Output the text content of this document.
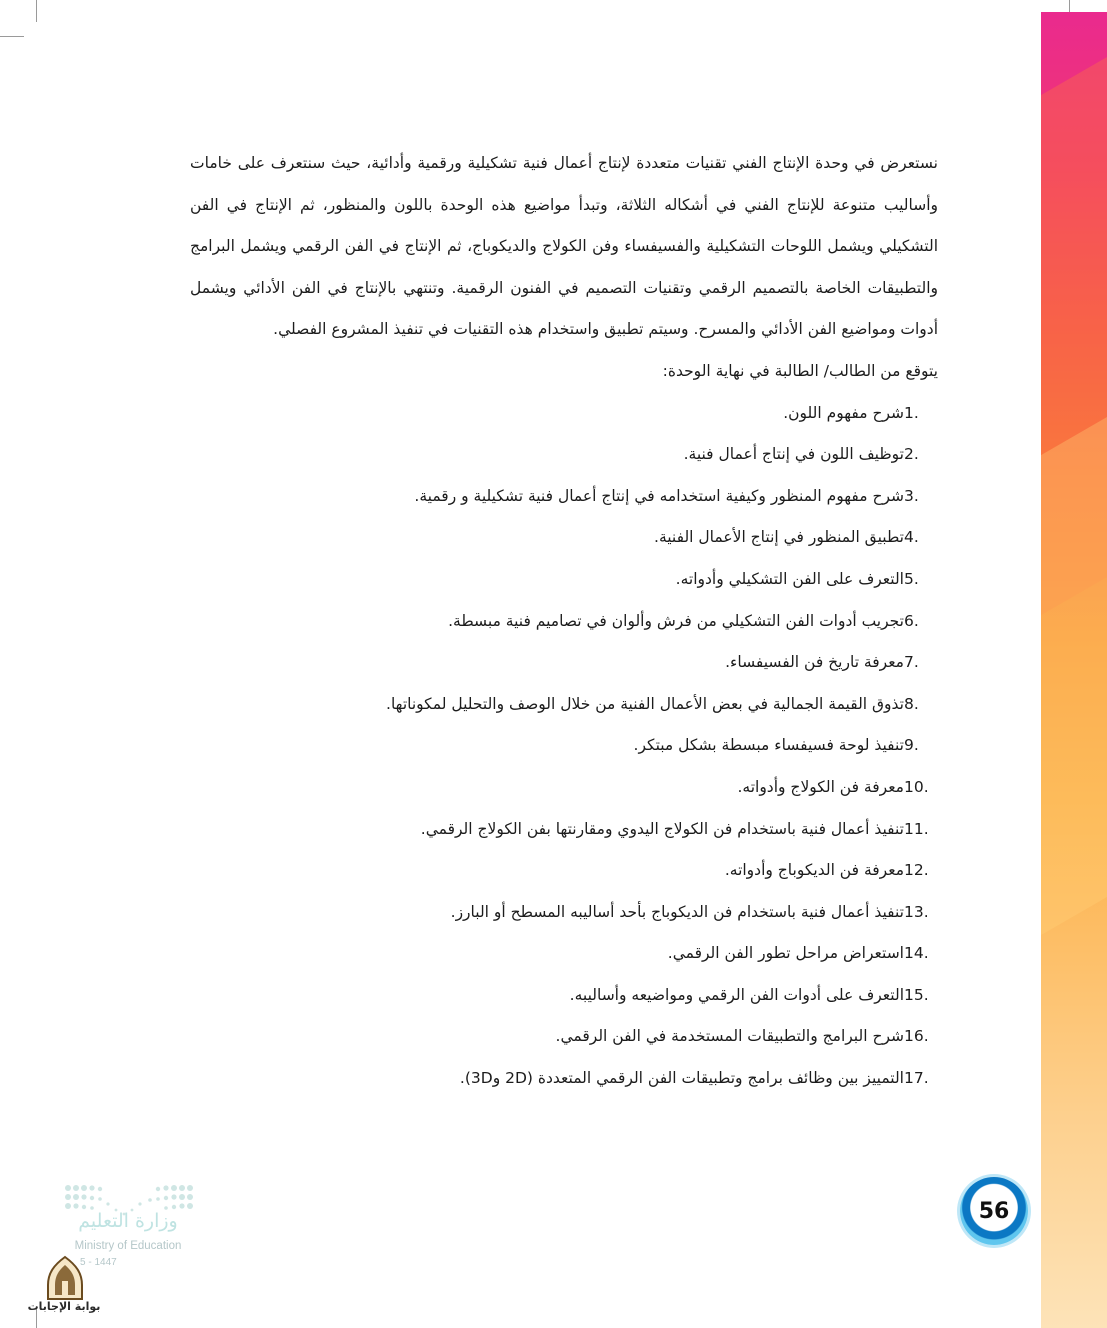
نستعرض في وحدة الإنتاج الفني تقنيات متعددة لإنتاج أعمال فنية تشكيلية ورقمية وأدائية، حيث سنتعرف على خامات وأساليب متنوعة للإنتاج الفني في أشكاله الثلاثة، وتبدأ مواضيع هذه الوحدة باللون والمنظور، ثم الإنتاج في الفن التشكيلي ويشمل اللوحات التشكيلية والفسيفساء وفن الكولاج والديكوباج، ثم الإنتاج في الفن الرقمي ويشمل البرامج والتطبيقات الخاصة بالتصميم الرقمي وتقنيات التصميم في الفنون الرقمية. وتنتهي بالإنتاج في الفن الأدائي ويشمل أدوات ومواضيع الفن الأدائي والمسرح. وسيتم تطبيق واستخدام هذه التقنيات في تنفيذ المشروع الفصلي.

يتوقع من الطالب/ الطالبة في نهاية الوحدة:

1.
شرح مفهوم اللون.
2.
توظيف اللون في إنتاج أعمال فنية.
3.
شرح مفهوم المنظور وكيفية استخدامه في إنتاج أعمال فنية تشكيلية و رقمية.
4.
تطبيق المنظور في إنتاج الأعمال الفنية.
5.
التعرف على الفن التشكيلي وأدواته.
6.
تجريب أدوات الفن التشكيلي من فرش وألوان في تصاميم فنية مبسطة.
7.
معرفة تاريخ فن الفسيفساء.
8.
تذوق القيمة الجمالية في بعض الأعمال الفنية من خلال الوصف والتحليل لمكوناتها.
9.
تنفيذ لوحة فسيفساء مبسطة بشكل مبتكر.
10.
معرفة فن الكولاج وأدواته.
11.
تنفيذ أعمال فنية باستخدام فن الكولاج اليدوي ومقارنتها بفن الكولاج الرقمي.
12.
معرفة فن الديكوباج وأدواته.
13.
تنفيذ أعمال فنية باستخدام فن الديكوباج بأحد أساليبه المسطح أو البارز.
14.
استعراض مراحل تطور الفن الرقمي.
15.
التعرف على أدوات الفن الرقمي ومواضيعه وأساليبه.
16.
شرح البرامج والتطبيقات المستخدمة في الفن الرقمي.
17.
التمييز بين وظائف برامج وتطبيقات الفن الرقمي المتعددة (2D و3D).
56
وزارة التعليم
Ministry of Education
5 - 1447
بوابة الإجابات
